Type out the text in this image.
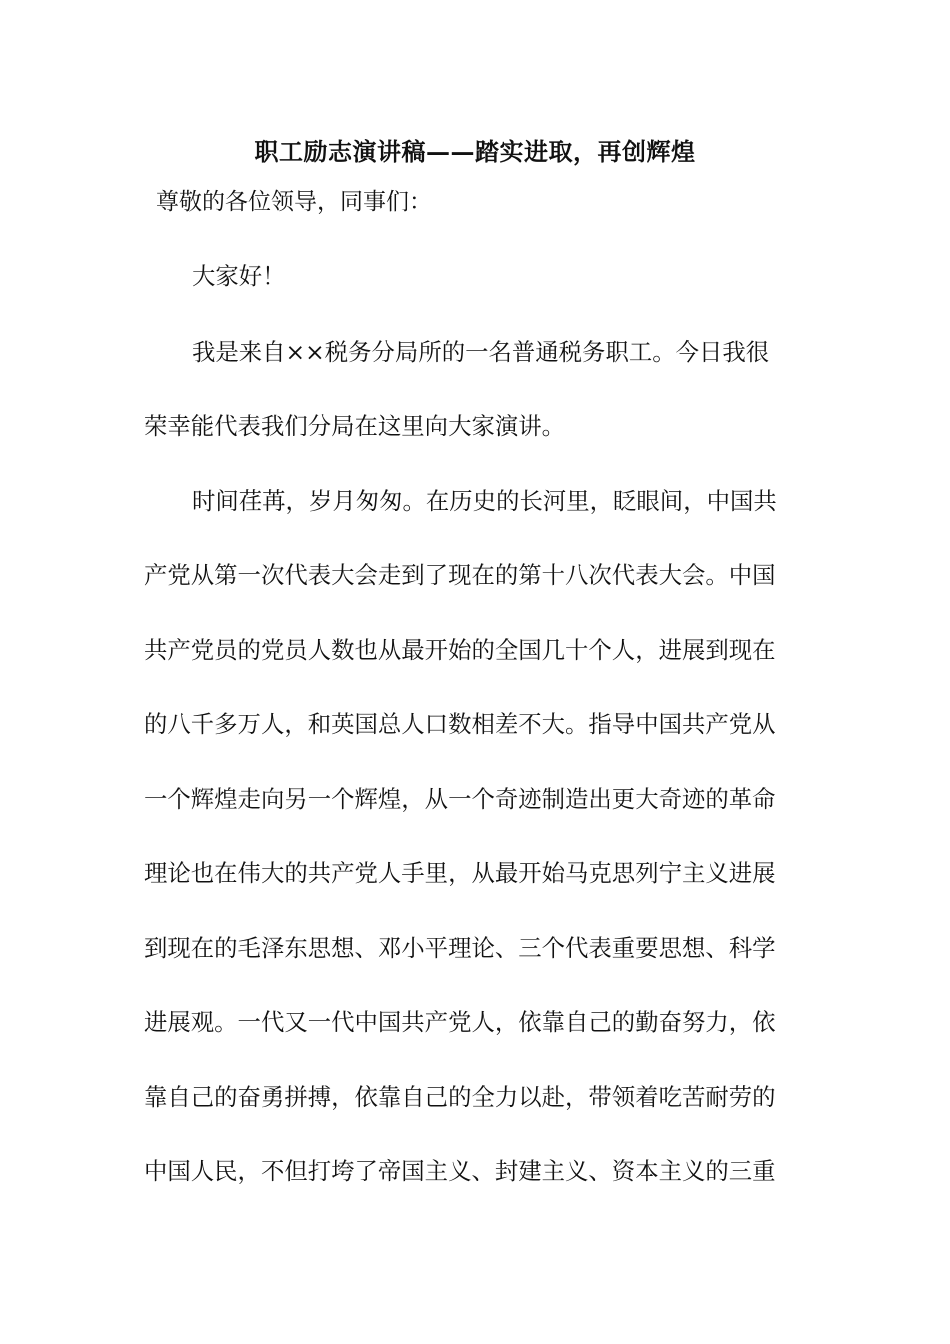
职工励志演讲稿——踏实进取，再创辉煌
尊敬的各位领导，同事们：
大家好！
我是来自××税务分局所的一名普通税务职工。今日我很
荣幸能代表我们分局在这里向大家演讲。
时间荏苒，岁月匆匆。在历史的长河里，眨眼间，中国共
产党从第一次代表大会走到了现在的第十八次代表大会。中国
共产党员的党员人数也从最开始的全国几十个人，进展到现在
的八千多万人，和英国总人口数相差不大。指导中国共产党从
一个辉煌走向另一个辉煌，从一个奇迹制造出更大奇迹的革命
理论也在伟大的共产党人手里，从最开始马克思列宁主义进展
到现在的毛泽东思想、邓小平理论、三个代表重要思想、科学
进展观。一代又一代中国共产党人，依靠自己的勤奋努力，依
靠自己的奋勇拼搏，依靠自己的全力以赴，带领着吃苦耐劳的
中国人民，不但打垮了帝国主义、封建主义、资本主义的三重
